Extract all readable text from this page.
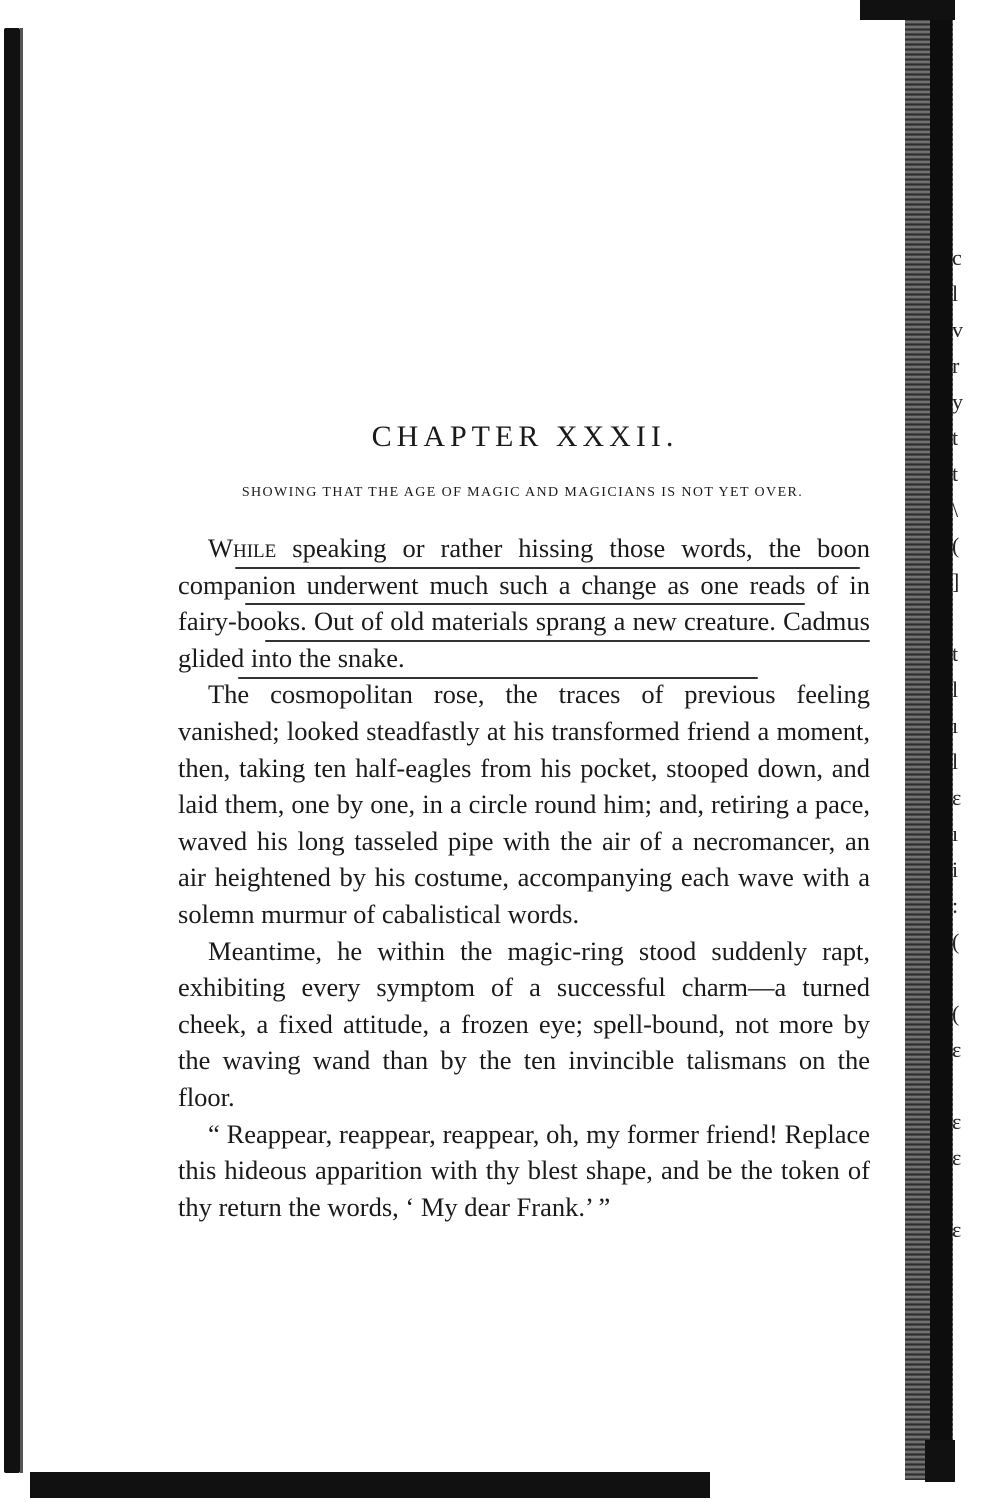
c
l
v
r
y
t
t
\
(
]
t
l
ı
l
ε
ı
i
:
(
(
ε
ε
ε
ε
CHAPTER XXXII.
SHOWING THAT THE AGE OF MAGIC AND MAGICIANS IS NOT YET OVER.

While speaking or rather hissing those words, the boon companion underwent much such a change as one reads of in fairy-books. Out of old materials sprang a new creature. Cadmus glided into the snake.

The cosmopolitan rose, the traces of previous feeling vanished; looked steadfastly at his transformed friend a moment, then, taking ten half-eagles from his pocket, stooped down, and laid them, one by one, in a circle round him; and, retiring a pace, waved his long tasseled pipe with the air of a necromancer, an air heightened by his costume, accompanying each wave with a solemn murmur of cabalistical words.

Meantime, he within the magic-ring stood suddenly rapt, exhibiting every symptom of a successful charm—a turned cheek, a fixed attitude, a frozen eye; spell-bound, not more by the waving wand than by the ten invincible talismans on the floor.

“ Reappear, reappear, reappear, oh, my former friend! Replace this hideous apparition with thy blest shape, and be the token of thy return the words, ‘ My dear Frank.’ ”
